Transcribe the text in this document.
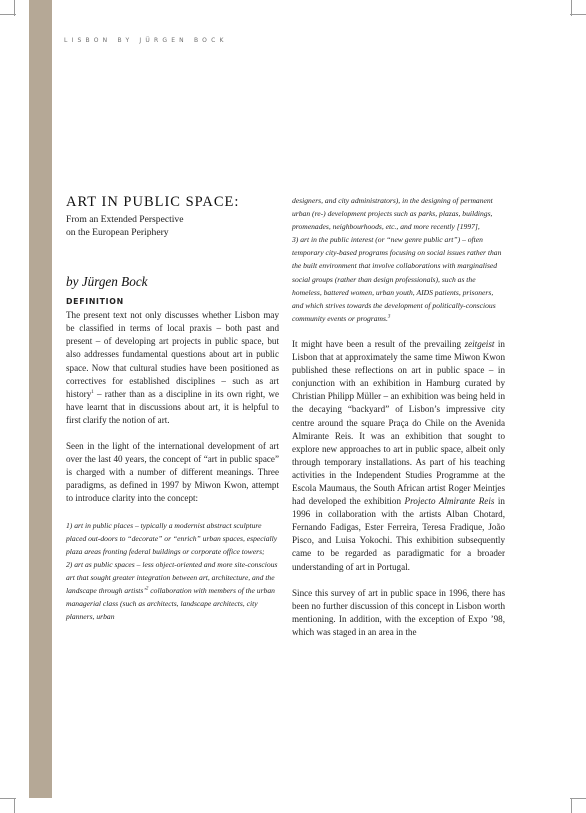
LISBON BY JÜRGEN BOCK
ART IN PUBLIC SPACE:
From an Extended Perspective
on the European Periphery
by Jürgen Bock
DEFINITION

The present text not only discusses whether Lisbon may be classified in terms of local praxis – both past and present – of developing art projects in public space, but also addresses fundamental questions about art in public space. Now that cultural studies have been positioned as correctives for established disciplines – such as art history$^1$ – rather than as a discipline in its own right, we have learnt that in discussions about art, it is helpful to first clarify the notion of art.

Seen in the light of the international development of art over the last 40 years, the concept of “art in public space” is charged with a number of different meanings. Three paradigms, as defined in 1997 by Miwon Kwon, attempt to introduce clarity into the concept:

1) art in public places – typically a modernist abstract sculpture placed out-doors to “decorate” or “enrich” urban spaces, especially plaza areas fronting federal buildings or corporate office towers;

2) art as public spaces – less object-oriented and more site-conscious art that sought greater integration between art, architecture, and the landscape through artists’$^2$ collaboration with members of the urban managerial class (such as architects, landscape architects, city planners, urban

designers, and city administrators), in the designing of permanent urban (re-) development projects such as parks, plazas, buildings, promenades, neighbourhoods, etc., and more recently [1997],

3) art in the public interest (or “new genre public art”) – often temporary city-based programs focusing on social issues rather than the built environment that involve collaborations with marginalised social groups (rather than design professionals), such as the homeless, battered women, urban youth, AIDS patients, prisoners, and which strives towards the development of politically-conscious community events or programs.$^3$

It might have been a result of the prevailing zeitgeist in Lisbon that at approximately the same time Miwon Kwon published these reflections on art in public space – in conjunction with an exhibition in Hamburg curated by Christian Philipp Müller – an exhibition was being held in the decaying “backyard” of Lisbon’s impressive city centre around the square Praça do Chile on the Avenida Almirante Reis. It was an exhibition that sought to explore new approaches to art in public space, albeit only through temporary installations. As part of his teaching activities in the Independent Studies Programme at the Escola Maumaus, the South African artist Roger Meintjes had developed the exhibition Projecto Almirante Reis in 1996 in collaboration with the artists Alban Chotard, Fernando Fadigas, Ester Ferreira, Teresa Fradique, João Pisco, and Luisa Yokochi. This exhibition subsequently came to be regarded as paradigmatic for a broader understanding of art in Portugal.

Since this survey of art in public space in 1996, there has been no further discussion of this concept in Lisbon worth mentioning. In addition, with the exception of Expo ’98, which was staged in an area in the
